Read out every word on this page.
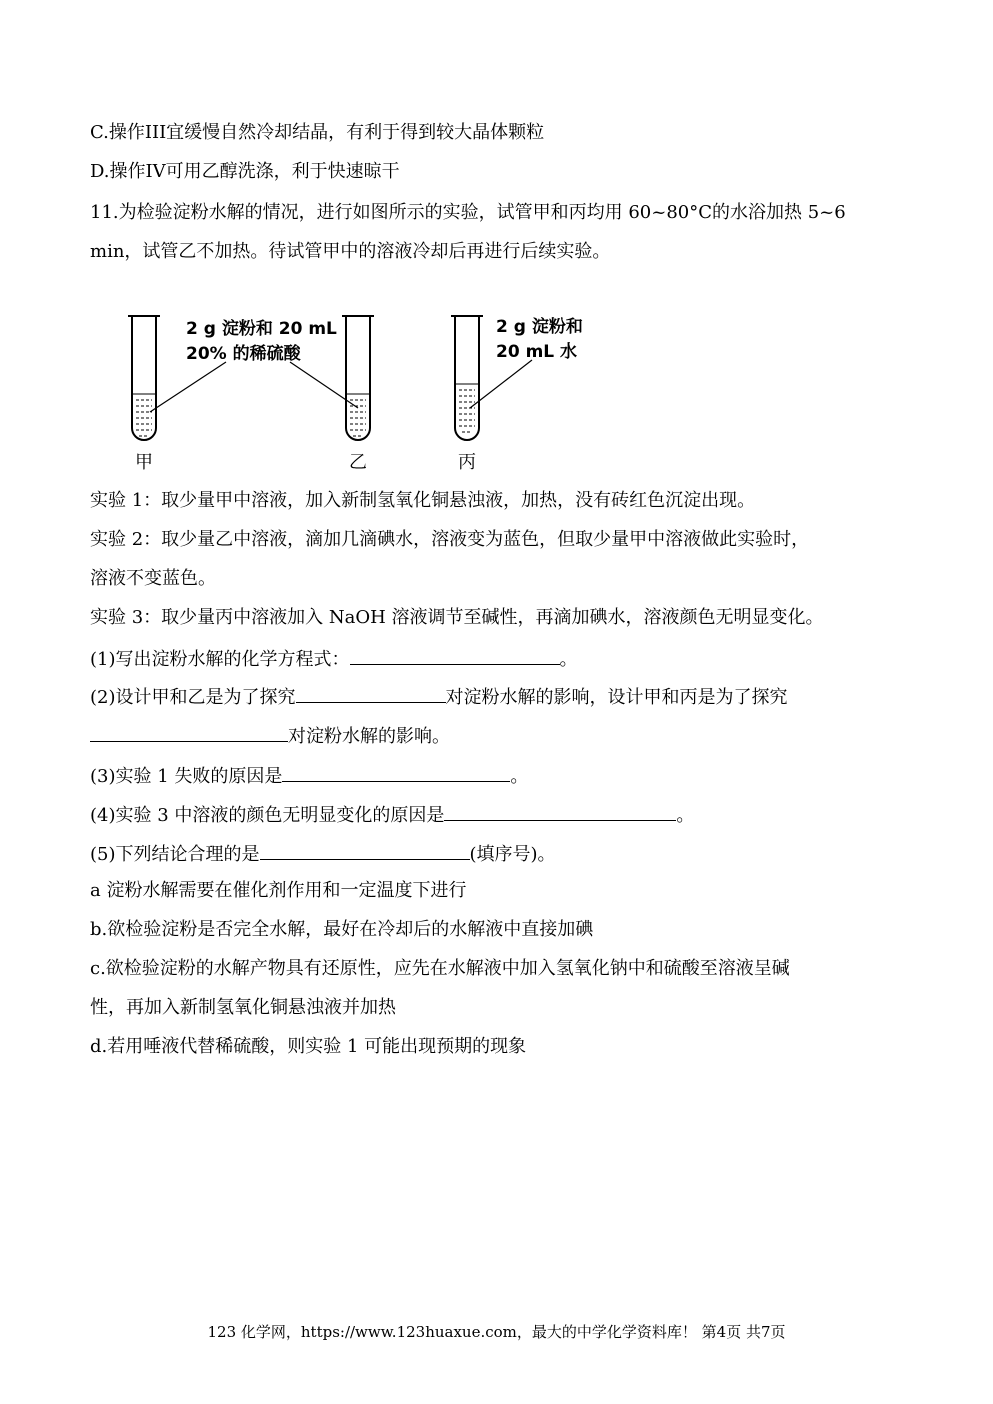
C.操作III宜缓慢自然冷却结晶，有利于得到较大晶体颗粒
D.操作IV可用乙醇洗涤，利于快速晾干
11.为检验淀粉水解的情况，进行如图所示的实验，试管甲和丙均用 60~80°C的水浴加热 5~6
min，试管乙不加热。待试管甲中的溶液冷却后再进行后续实验。
2 g 淀粉和 20 mL
20% 的稀硫酸
2 g 淀粉和
20 mL 水
甲	乙	丙
实验 1：取少量甲中溶液，加入新制氢氧化铜悬浊液，加热，没有砖红色沉淀出现。
实验 2：取少量乙中溶液，滴加几滴碘水，溶液变为蓝色，但取少量甲中溶液做此实验时，
溶液不变蓝色。
实验 3：取少量丙中溶液加入 NaOH 溶液调节至碱性，再滴加碘水，溶液颜色无明显变化。
(1)写出淀粉水解的化学方程式：	。
(2)设计甲和乙是为了探究	对淀粉水解的影响，设计甲和丙是为了探究
对淀粉水解的影响。
(3)实验 1 失败的原因是	。
(4)实验 3 中溶液的颜色无明显变化的原因是	。
(5)下列结论合理的是	(填序号)。
a 淀粉水解需要在催化剂作用和一定温度下进行
b.欲检验淀粉是否完全水解，最好在冷却后的水解液中直接加碘
c.欲检验淀粉的水解产物具有还原性，应先在水解液中加入氢氧化钠中和硫酸至溶液呈碱
性，再加入新制氢氧化铜悬浊液并加热
d.若用唾液代替稀硫酸，则实验 1 可能出现预期的现象
123 化学网，https://www.123huaxue.com，最大的中学化学资料库！ 第4页 共7页
